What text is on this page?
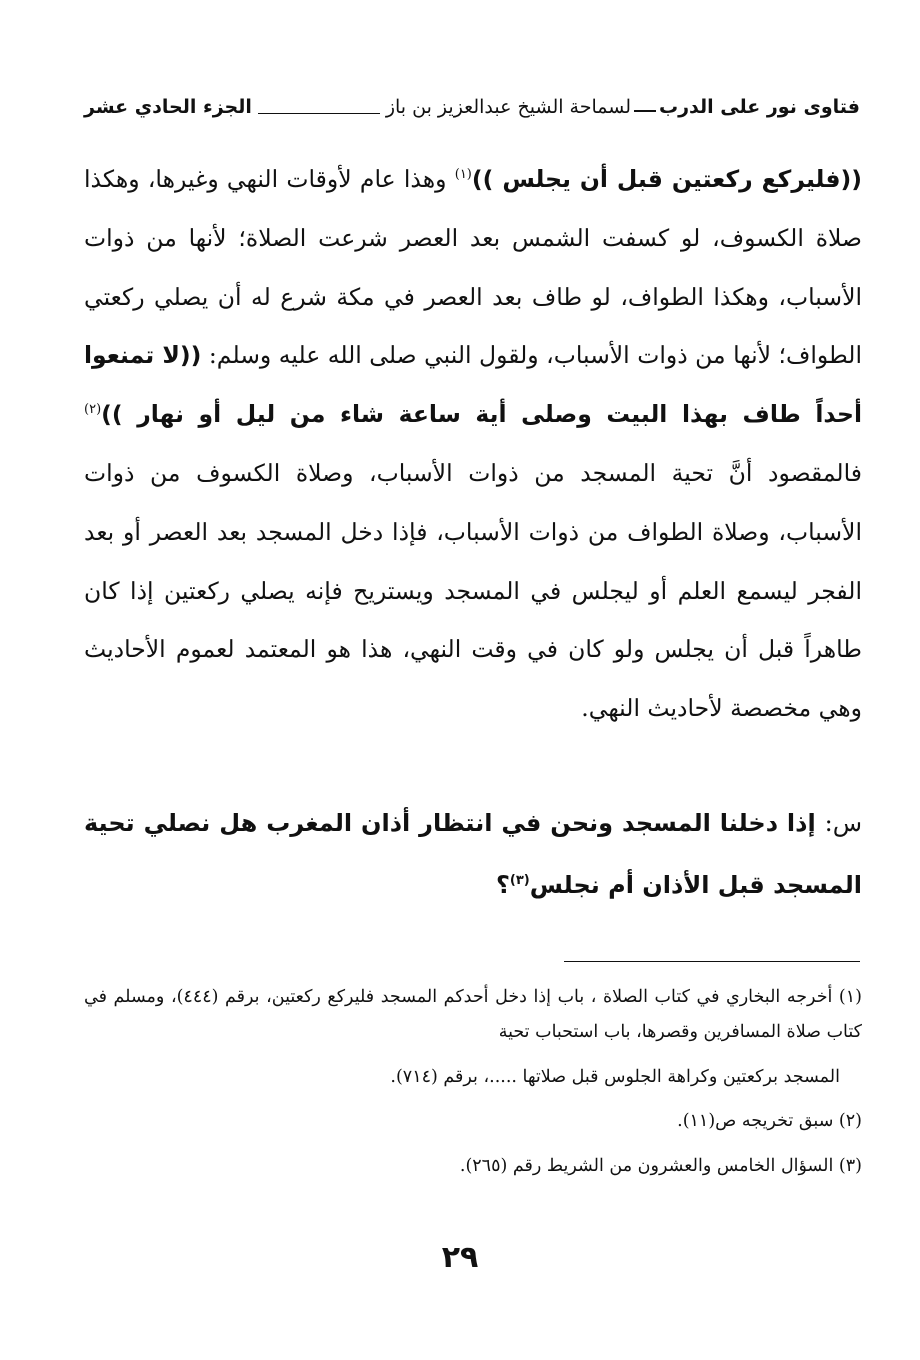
فتاوى نور على الدرب
لسماحة الشيخ عبدالعزيز بن باز
الجزء الحادي عشر

((فليركع ركعتين قبل أن يجلس ))$^{(١)}$ وهذا عام لأوقات النهي وغيرها، وهكذا صلاة الكسوف، لو كسفت الشمس بعد العصر شرعت الصلاة؛ لأنها من ذوات الأسباب، وهكذا الطواف، لو طاف بعد العصر في مكة شرع له أن يصلي ركعتي الطواف؛ لأنها من ذوات الأسباب، ولقول النبي صلى الله عليه وسلم: ((لا تمنعوا أحداً طاف بهذا البيت وصلى أية ساعة شاء من ليل أو نهار ))$^{(٢)}$ فالمقصود أنَّ تحية المسجد من ذوات الأسباب، وصلاة الكسوف من ذوات الأسباب، وصلاة الطواف من ذوات الأسباب، فإذا دخل المسجد بعد العصر أو بعد الفجر ليسمع العلم أو ليجلس في المسجد ويستريح فإنه يصلي ركعتين إذا كان طاهراً قبل أن يجلس ولو كان في وقت النهي، هذا هو المعتمد لعموم الأحاديث وهي مخصصة لأحاديث النهي.

س: إذا دخلنا المسجد ونحن في انتظار أذان المغرب هل نصلي تحية المسجد قبل الأذان أم نجلس$^{(٣)}$؟

(١) أخرجه البخاري في كتاب الصلاة ، باب إذا دخل أحدكم المسجد فليركع ركعتين، برقم (٤٤٤)، ومسلم في كتاب صلاة المسافرين وقصرها، باب استحباب تحية

المسجد بركعتين وكراهة الجلوس قبل صلاتها .....، برقم (٧١٤).

(٢) سبق تخريجه ص(١١).

(٣) السؤال الخامس والعشرون من الشريط رقم (٢٦٥).

٢٩
